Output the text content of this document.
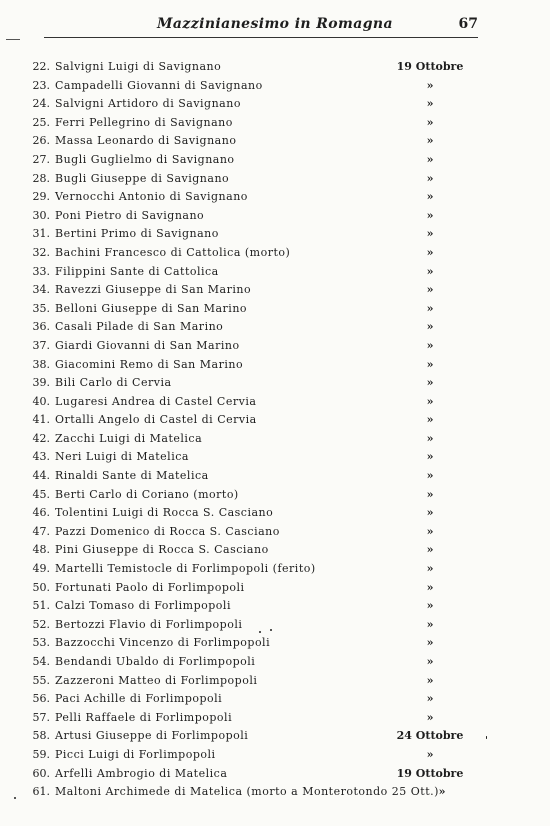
Mazzinianesimo in Romagna	67
22. Salvigni Luigi di Savignano	19 Ottobre
23. Campadelli Giovanni di Savignano	»
24. Salvigni Artidoro di Savignano	»
25. Ferri Pellegrino di Savignano	»
26. Massa Leonardo di Savignano	»
27. Bugli Guglielmo di Savignano	»
28. Bugli Giuseppe di Savignano	»
29. Vernocchi Antonio di Savignano	»
30. Poni Pietro di Savignano	»
31. Bertini Primo di Savignano	»
32. Bachini Francesco di Cattolica (morto)	»
33. Filippini Sante di Cattolica	»
34. Ravezzi Giuseppe di San Marino	»
35. Belloni Giuseppe di San Marino	»
36. Casali Pilade di San Marino	»
37. Giardi Giovanni di San Marino	»
38. Giacomini Remo di San Marino	»
39. Bili Carlo di Cervia	»
40. Lugaresi Andrea di Castel Cervia	»
41. Ortalli Angelo di Castel di Cervia	»
42. Zacchi Luigi di Matelica	»
43. Neri Luigi di Matelica	»
44. Rinaldi Sante di Matelica	»
45. Berti Carlo di Coriano (morto)	»
46. Tolentini Luigi di Rocca S. Casciano	»
47. Pazzi Domenico di Rocca S. Casciano	»
48. Pini Giuseppe di Rocca S. Casciano	»
49. Martelli Temistocle di Forlimpopoli (ferito)	»
50. Fortunati Paolo di Forlimpopoli	»
51. Calzi Tomaso di Forlimpopoli	»
52. Bertozzi Flavio di Forlimpopoli	»
53. Bazzocchi Vincenzo di Forlimpopoli	»
54. Bendandi Ubaldo di Forlimpopoli	»
55. Zazzeroni Matteo di Forlimpopoli	»
56. Paci Achille di Forlimpopoli	»
57. Pelli Raffaele di Forlimpopoli	»
58. Artusi Giuseppe di Forlimpopoli	24 Ottobre
59. Picci Luigi di Forlimpopoli	»
60. Arfelli Ambrogio di Matelica	19 Ottobre
61. Maltoni Archimede di Matelica (morto a Monterotondo 25 Ott.) »
